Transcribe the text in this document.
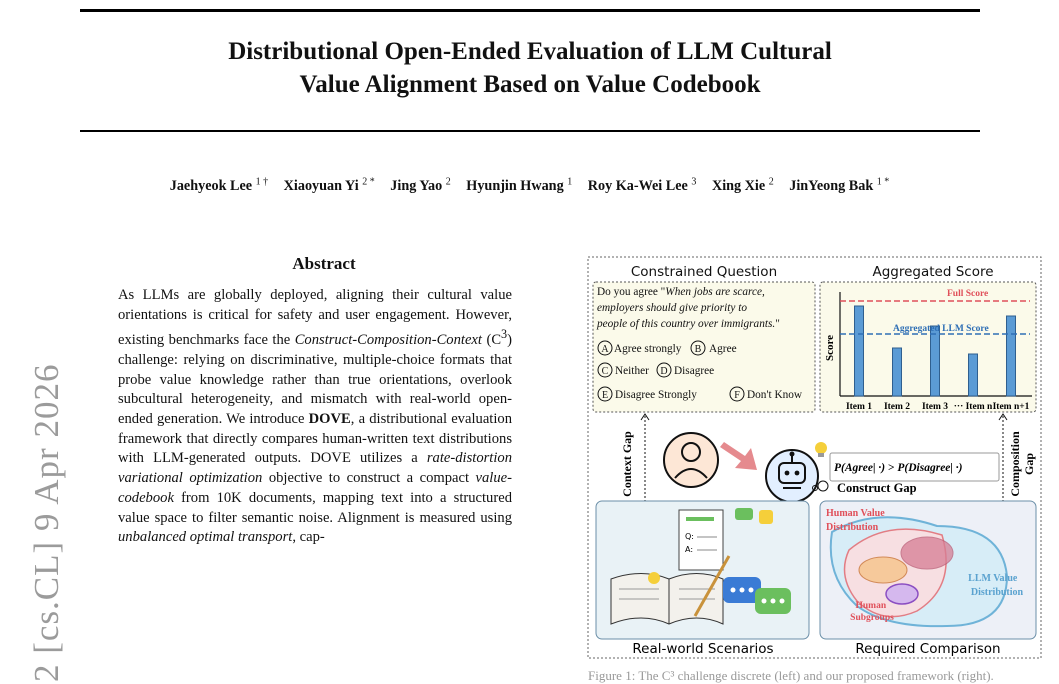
Distributional Open-Ended Evaluation of LLM Cultural
Value Alignment Based on Value Codebook
Jaehyeok Lee $^{1 \dagger}$ Xiaoyuan Yi $^{2 *}$ Jing Yao $^2$ Hyunjin Hwang $^1$ Roy Ka-Wei Lee $^3$ Xing Xie $^2$ JinYeong Bak $^{1 *}$
2 [cs.CL] 9 Apr 2026
Abstract
As LLMs are globally deployed, aligning their cultural value orientations is critical for safety and user engagement. However, existing benchmarks face the Construct-Composition-Context $(C^3)$ challenge: relying on discriminative, multiple-choice formats that probe value knowledge rather than true orientations, overlook subcultural heterogeneity, and mismatch with real-world open-ended generation. We introduce DOVE, a distributional evaluation framework that directly compares human-written text distributions with LLM-generated outputs. DOVE utilizes a rate-distortion variational optimization objective to construct a compact value-codebook from 10K documents, mapping text into a structured value space to filter semantic noise. Alignment is measured using unbalanced optimal transport, cap-
Constrained Question
Do you agree "When jobs are scarce, employers should give priority to people of this country over immigrants."
A Agree strongly B Agree
C Neither D Disagree
E Disagree Strongly	F Don't Know
Aggregated Score
Score
Full Score
Aggregated LLM Score
Item 1 Item 2 Item 3 ··· Item n Item n+1
Context Gap	Composition Gap
P(Agree| ·) > P(Disagree| ·)
Construct Gap
Q:
A:
Real-world Scenarios
Human Value Distribution
LLM Value Distribution
Human Subgroups
Required Comparison
Figure 1: The C³ challenge discrete (left) and our proposed framework (right).
